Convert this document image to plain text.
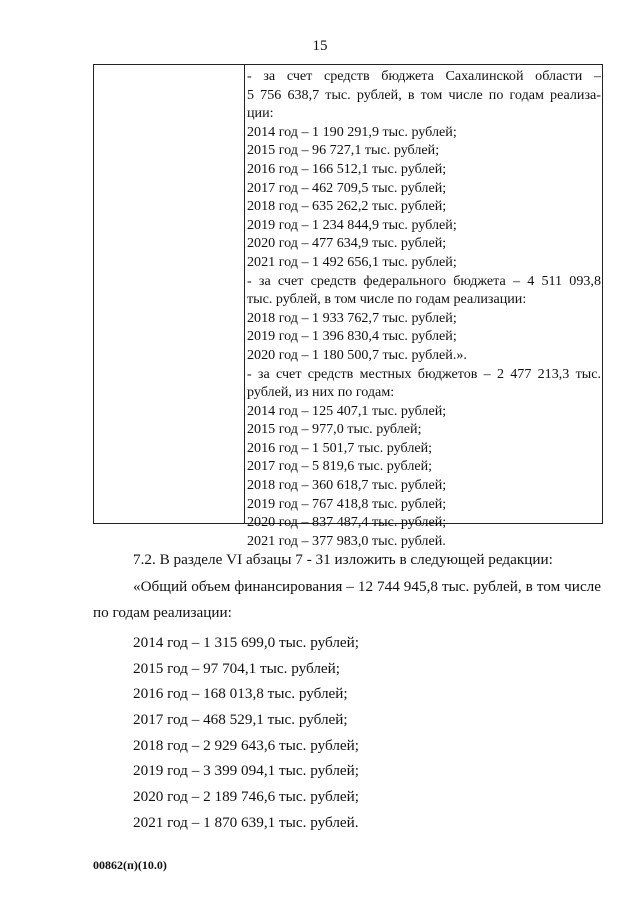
15
- за счет средств бюджета Сахалинской области –
5 756 638,7 тыс. рублей, в том числе по годам реализа-
ции:
2014 год – 1 190 291,9 тыс. рублей;
2015 год – 96 727,1 тыс. рублей;
2016 год – 166 512,1 тыс. рублей;
2017 год – 462 709,5 тыс. рублей;
2018 год – 635 262,2 тыс. рублей;
2019 год – 1 234 844,9 тыс. рублей;
2020 год – 477 634,9 тыс. рублей;
2021 год – 1 492 656,1 тыс. рублей;
- за счет средств федерального бюджета – 4 511 093,8
тыс. рублей, в том числе по годам реализации:
2018 год – 1 933 762,7 тыс. рублей;
2019 год – 1 396 830,4 тыс. рублей;
2020 год – 1 180 500,7 тыс. рублей.».
- за счет средств местных бюджетов – 2 477 213,3 тыс.
рублей, из них по годам:
2014 год – 125 407,1 тыс. рублей;
2015 год – 977,0 тыс. рублей;
2016 год – 1 501,7 тыс. рублей;
2017 год – 5 819,6 тыс. рублей;
2018 год – 360 618,7 тыс. рублей;
2019 год – 767 418,8 тыс. рублей;
2020 год – 837 487,4 тыс. рублей;
2021 год – 377 983,0 тыс. рублей.
7.2. В разделе VI абзацы 7 - 31 изложить в следующей редакции:
«Общий объем финансирования – 12 744 945,8 тыс. рублей, в том числе
по годам реализации:
2014 год – 1 315 699,0 тыс. рублей;
2015 год – 97 704,1 тыс. рублей;
2016 год – 168 013,8 тыс. рублей;
2017 год – 468 529,1 тыс. рублей;
2018 год – 2 929 643,6 тыс. рублей;
2019 год – 3 399 094,1 тыс. рублей;
2020 год – 2 189 746,6 тыс. рублей;
2021 год – 1 870 639,1 тыс. рублей.
00862(п)(10.0)
